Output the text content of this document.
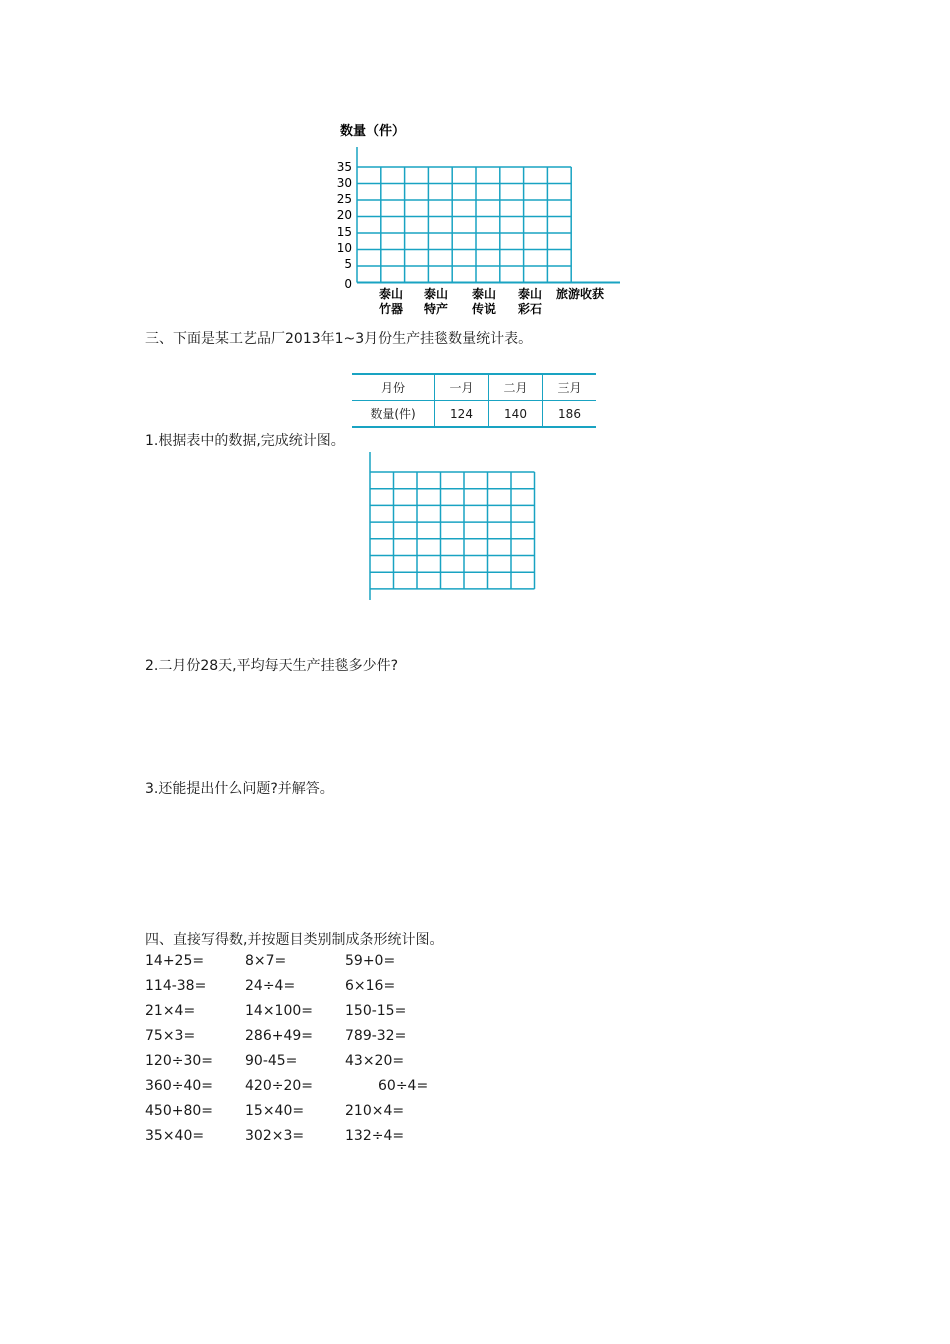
数量（件）
35
30
25
20
15
10
5
0
泰山
竹器
泰山
特产
泰山
传说
泰山
彩石
旅游收获
三、下面是某工艺品厂2013年1~3月份生产挂毯数量统计表。
月份	一月	二月	三月
数量(件)	124	140	186
1.根据表中的数据,完成统计图。
2.二月份28天,平均每天生产挂毯多少件?
3.还能提出什么问题?并解答。
四、直接写得数,并按题目类别制成条形统计图。
14+25=	8×7=	59+0=
114-38=	24÷4=	6×16=
21×4=	14×100= 150-15=
75×3=	286+49= 789-32=
120÷30= 90-45=	43×20=
360÷40= 420÷20=	60÷4=
450+80= 15×40=	210×4=
35×40=	302×3=	132÷4=
